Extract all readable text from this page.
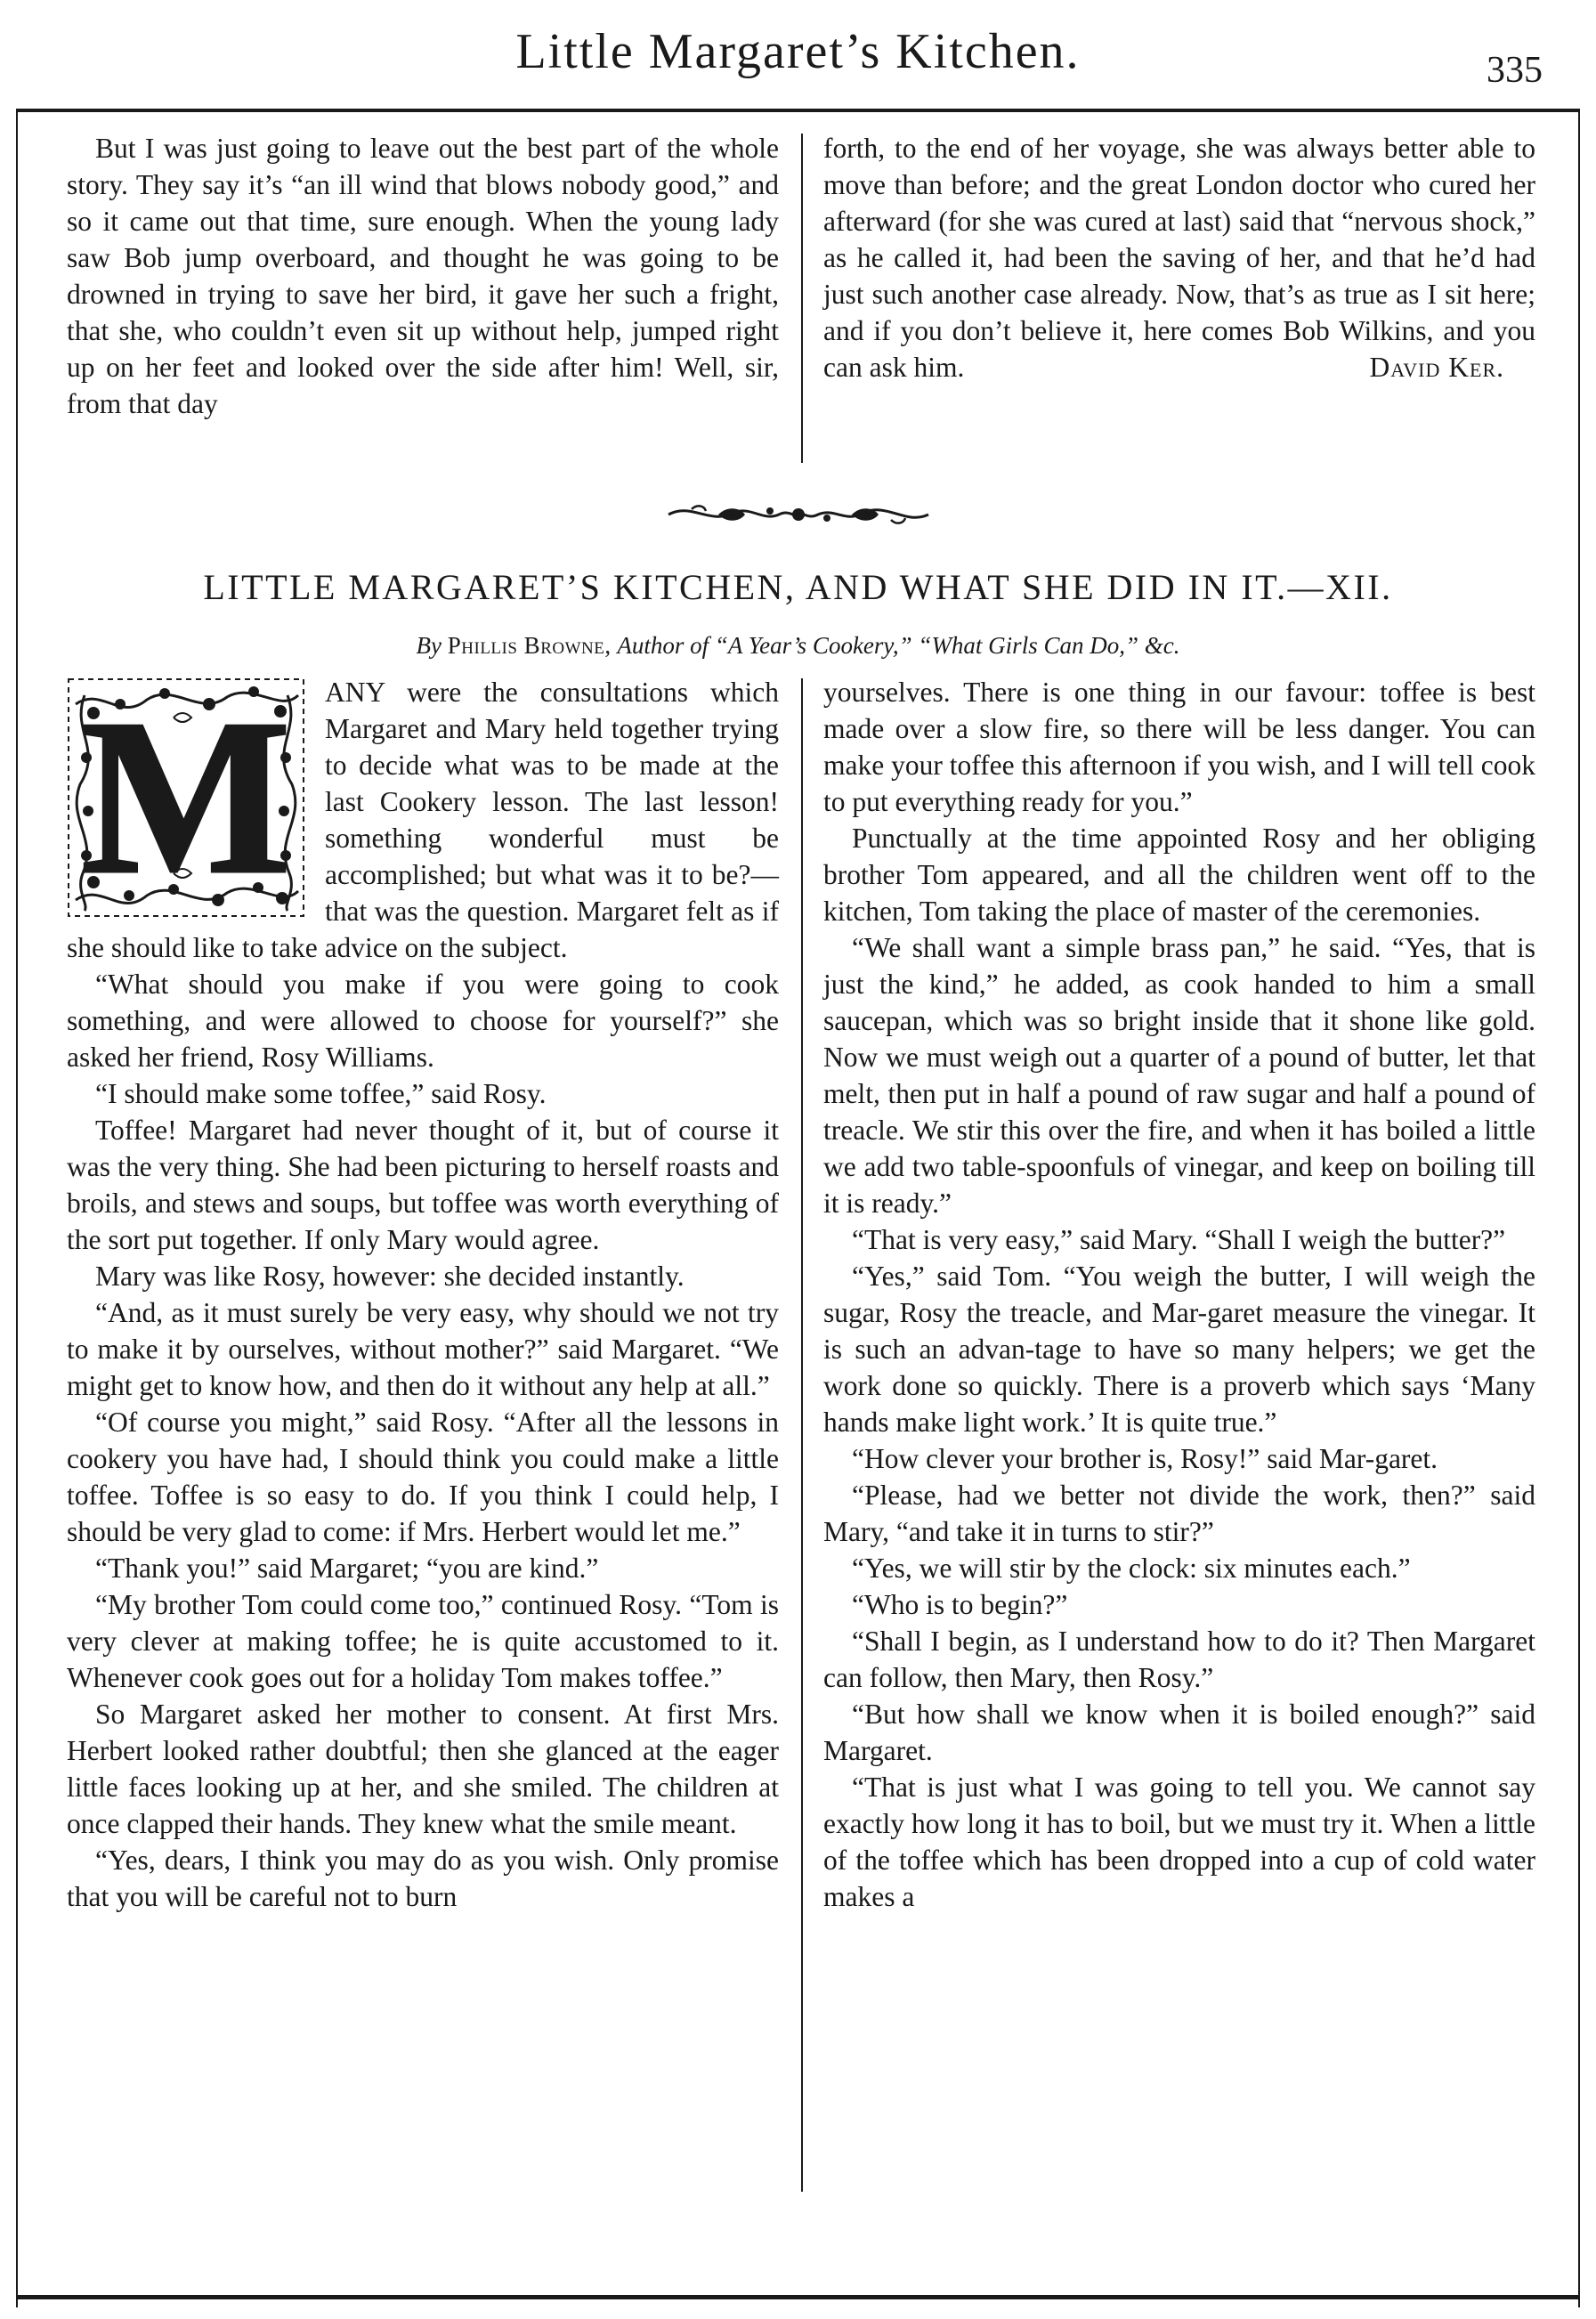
Little Margaret’s Kitchen.	335

But I was just going to leave out the best part of the whole story. They say it’s “an ill wind that blows nobody good,” and so it came out that time, sure enough. When the young lady saw Bob jump overboard, and thought he was going to be drowned in trying to save her bird, it gave her such a fright, that she, who couldn’t even sit up without help, jumped right up on her feet and looked over the side after him! Well, sir, from that day

forth, to the end of her voyage, she was always better able to move than before; and the great London doctor who cured her afterward (for she was cured at last) said that “nervous shock,” as he called it, had been the saving of her, and that he’d had just such another case already. Now, that’s as true as I sit here; and if you don’t believe it, here comes Bob Wilkins, and you can ask him.	David Ker.

LITTLE MARGARET’S KITCHEN, AND WHAT SHE DID IN IT.—XII.
By Phillis Browne, Author of “A Year’s Cookery,” “What Girls Can Do,” &c.
M	ANY were the consultations which Margaret and Mary held together trying to decide what was to be made at the last Cookery lesson. The last lesson! something wonderful must be accomplished; but what was it to be?—that was the question. Margaret felt as if she should like to take advice on the subject.

“What should you make if you were going to cook something, and were allowed to choose for yourself?” she asked her friend, Rosy Williams.

“I should make some toffee,” said Rosy.

Toffee! Margaret had never thought of it, but of course it was the very thing. She had been picturing to herself roasts and broils, and stews and soups, but toffee was worth everything of the sort put together. If only Mary would agree.

Mary was like Rosy, however: she decided instantly.

“And, as it must surely be very easy, why should we not try to make it by ourselves, without mother?” said Margaret. “We might get to know how, and then do it without any help at all.”

“Of course you might,” said Rosy. “After all the lessons in cookery you have had, I should think you could make a little toffee. Toffee is so easy to do. If you think I could help, I should be very glad to come: if Mrs. Herbert would let me.”

“Thank you!” said Margaret; “you are kind.”

“My brother Tom could come too,” continued Rosy. “Tom is very clever at making toffee; he is quite accustomed to it. Whenever cook goes out for a holiday Tom makes toffee.”

So Margaret asked her mother to consent. At first Mrs. Herbert looked rather doubtful; then she glanced at the eager little faces looking up at her, and she smiled. The children at once clapped their hands. They knew what the smile meant.

“Yes, dears, I think you may do as you wish. Only promise that you will be careful not to burn

yourselves. There is one thing in our favour: toffee is best made over a slow fire, so there will be less danger. You can make your toffee this afternoon if you wish, and I will tell cook to put everything ready for you.”

Punctually at the time appointed Rosy and her obliging brother Tom appeared, and all the children went off to the kitchen, Tom taking the place of master of the ceremonies.

“We shall want a simple brass pan,” he said. “Yes, that is just the kind,” he added, as cook handed to him a small saucepan, which was so bright inside that it shone like gold. Now we must weigh out a quarter of a pound of butter, let that melt, then put in half a pound of raw sugar and half a pound of treacle. We stir this over the fire, and when it has boiled a little we add two table-spoonfuls of vinegar, and keep on boiling till it is ready.”

“That is very easy,” said Mary. “Shall I weigh the butter?”

“Yes,” said Tom. “You weigh the butter, I will weigh the sugar, Rosy the treacle, and Mar-garet measure the vinegar. It is such an advan-tage to have so many helpers; we get the work done so quickly. There is a proverb which says ‘Many hands make light work.’ It is quite true.”

“How clever your brother is, Rosy!” said Mar-garet.

“Please, had we better not divide the work, then?” said Mary, “and take it in turns to stir?”

“Yes, we will stir by the clock: six minutes each.”

“Who is to begin?”

“Shall I begin, as I understand how to do it? Then Margaret can follow, then Mary, then Rosy.”

“But how shall we know when it is boiled enough?” said Margaret.

“That is just what I was going to tell you. We cannot say exactly how long it has to boil, but we must try it. When a little of the toffee which has been dropped into a cup of cold water makes a
